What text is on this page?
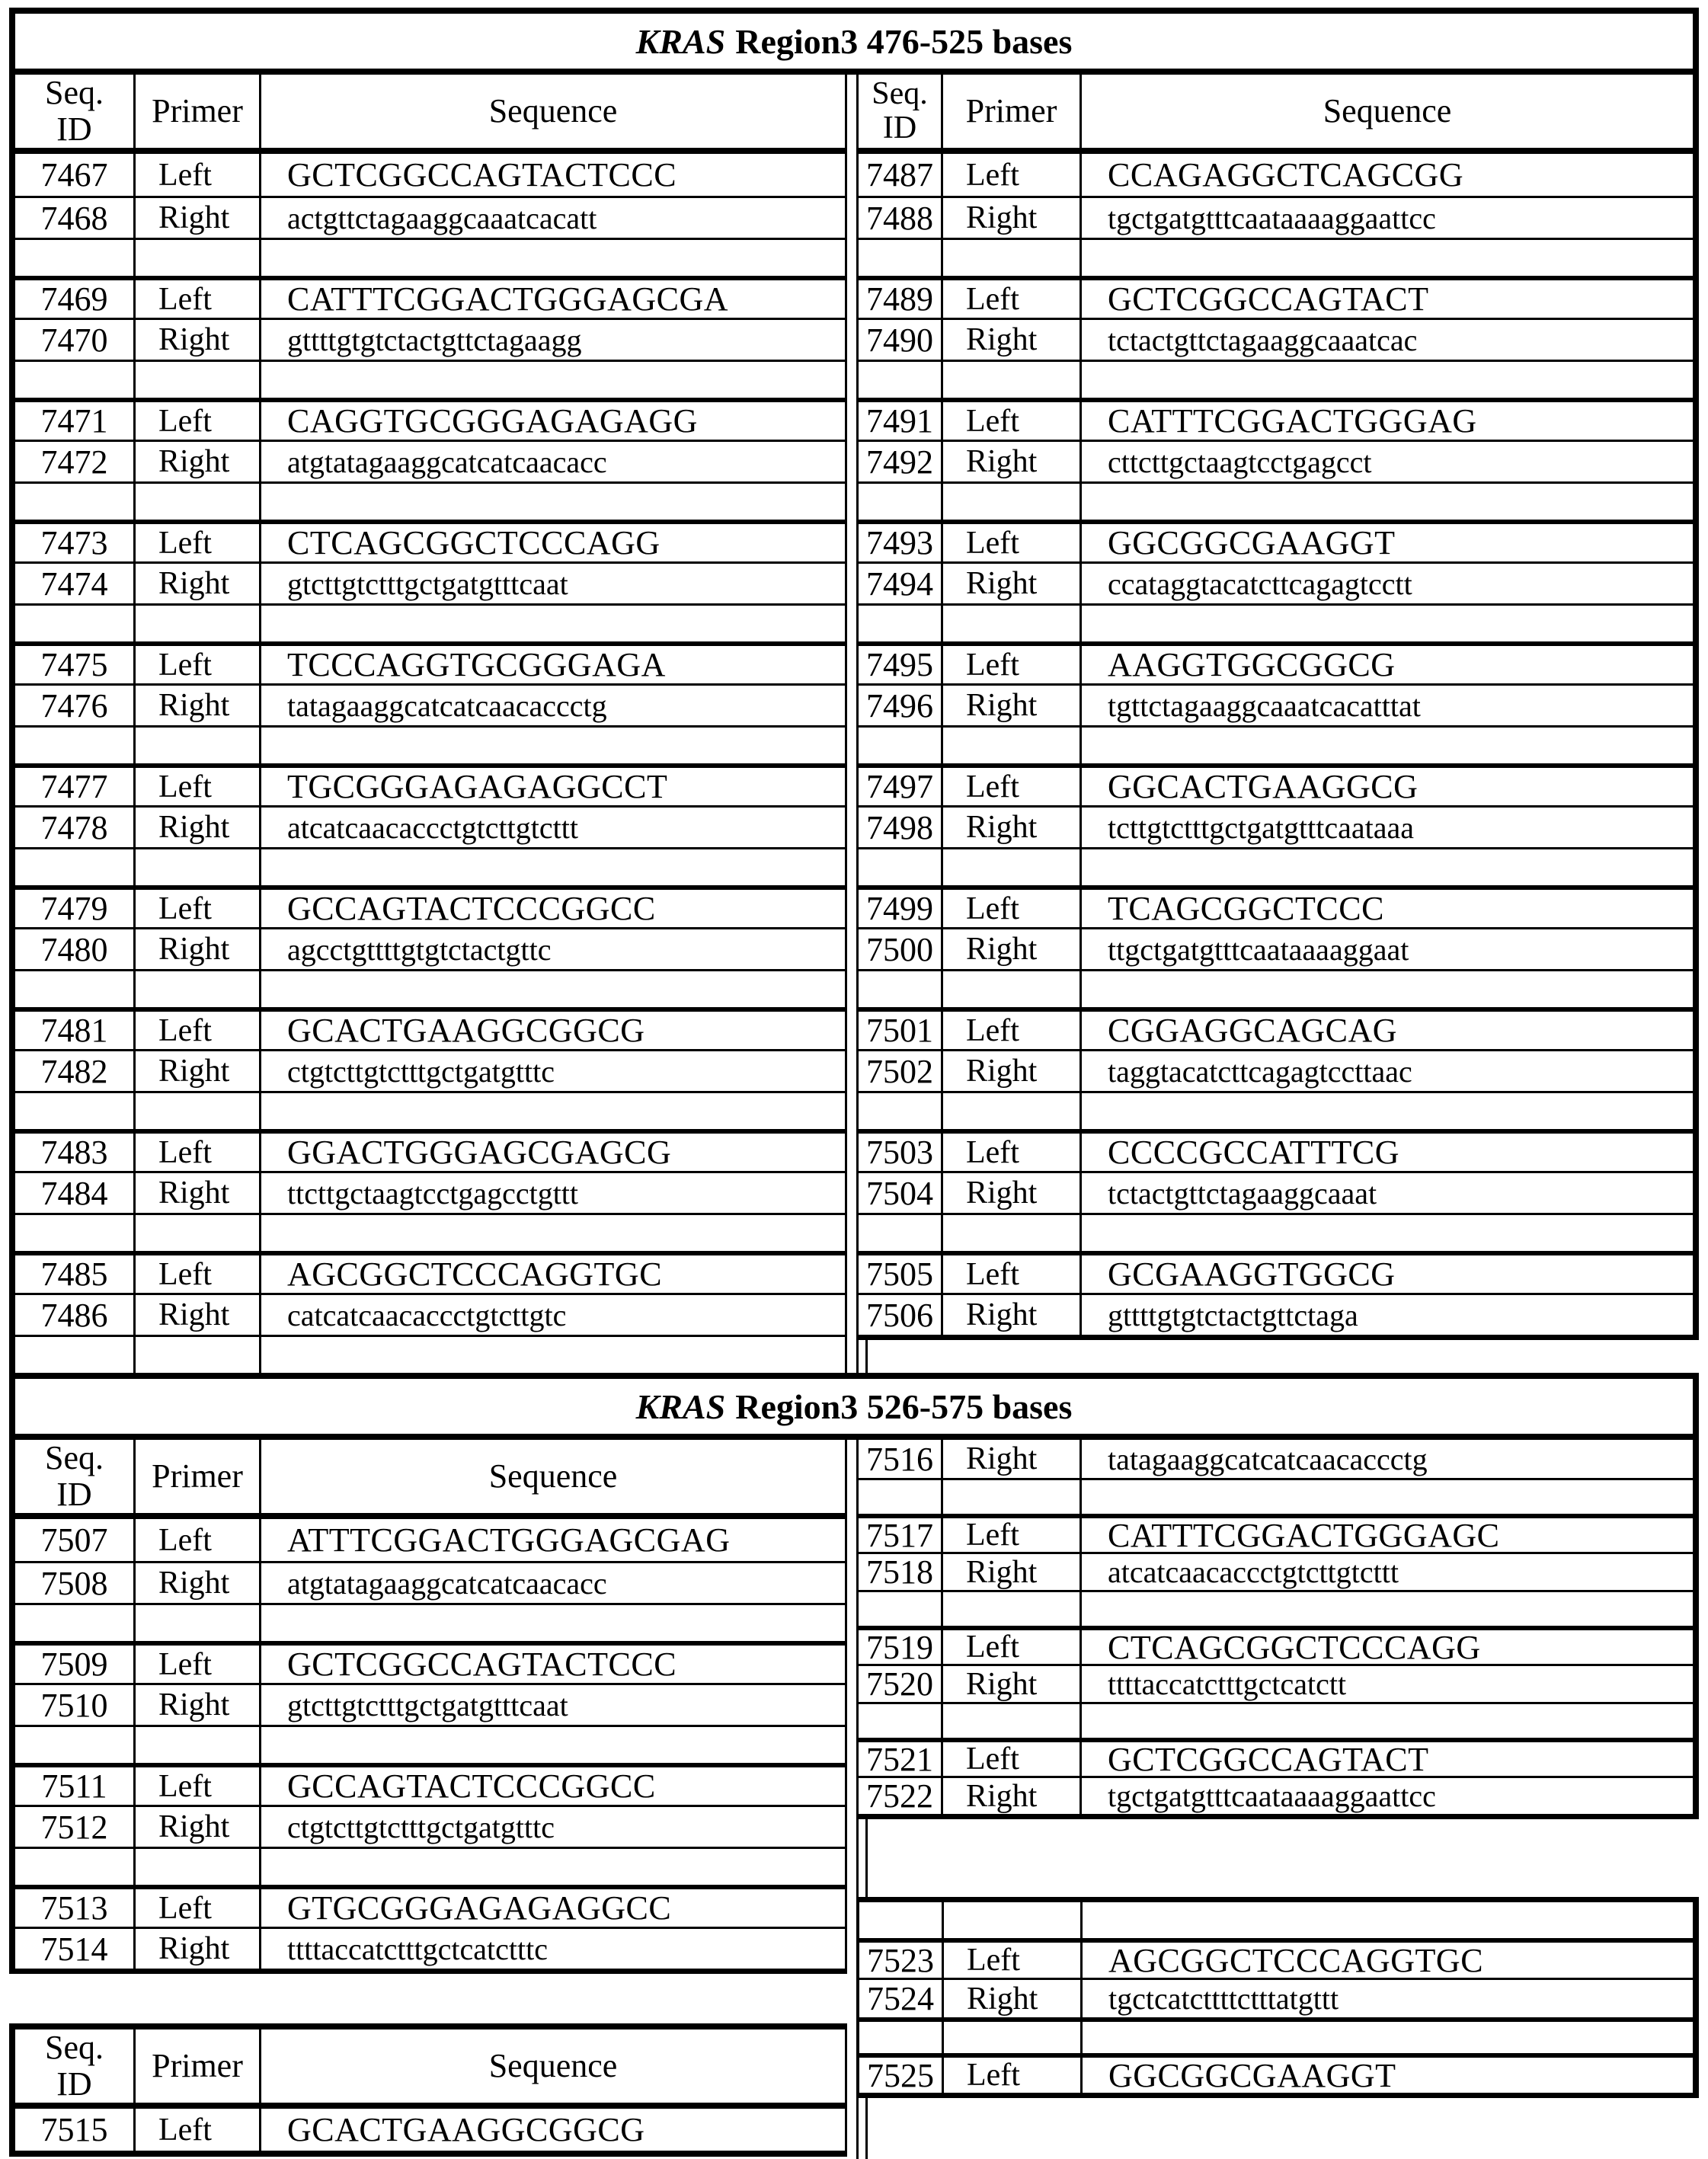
KRAS Region3 476-525 bases
Seq. ID	Primer	Sequence
7467	Left	GCTCGGCCAGTACTCCC
7468	Right	actgttctagaaggcaaatcacatt
7469	Left	CATTTCGGACTGGGAGCGA
7470	Right	gttttgtgtctactgttctagaagg
7471	Left	CAGGTGCGGGAGAGAGG
7472	Right	atgtatagaaggcatcatcaacacc
7473	Left	CTCAGCGGCTCCCAGG
7474	Right	gtcttgtctttgctgatgtttcaat
7475	Left	TCCCAGGTGCGGGAGA
7476	Right	tatagaaggcatcatcaacaccctg
7477	Left	TGCGGGAGAGAGGCCT
7478	Right	atcatcaacaccctgtcttgtcttt
7479	Left	GCCAGTACTCCCGGCC
7480	Right	agcctgttttgtgtctactgttc
7481	Left	GCACTGAAGGCGGCG
7482	Right	ctgtcttgtctttgctgatgtttc
7483	Left	GGACTGGGAGCGAGCG
7484	Right	ttcttgctaagtcctgagcctgttt
7485	Left	AGCGGCTCCCAGGTGC
7486	Right	catcatcaacaccctgtcttgtc
Seq. ID	Primer	Sequence
7487	Left	CCAGAGGCTCAGCGG
7488	Right	tgctgatgtttcaataaaaggaattcc
7489	Left	GCTCGGCCAGTACT
7490	Right	tctactgttctagaaggcaaatcac
7491	Left	CATTTCGGACTGGGAG
7492	Right	cttcttgctaagtcctgagcct
7493	Left	GGCGGCGAAGGT
7494	Right	ccataggtacatcttcagagtcctt
7495	Left	AAGGTGGCGGCG
7496	Right	tgttctagaaggcaaatcacatttat
7497	Left	GGCACTGAAGGCG
7498	Right	tcttgtctttgctgatgtttcaataaa
7499	Left	TCAGCGGCTCCC
7500	Right	ttgctgatgtttcaataaaaggaat
7501	Left	CGGAGGCAGCAG
7502	Right	taggtacatcttcagagtccttaac
7503	Left	CCCCGCCATTTCG
7504	Right	tctactgttctagaaggcaaat
7505	Left	GCGAAGGTGGCG
7506	Right	gttttgtgtctactgttctaga
KRAS Region3 526-575 bases
Seq. ID	Primer	Sequence
7507	Left	ATTTCGGACTGGGAGCGAG
7508	Right	atgtatagaaggcatcatcaacacc
7509	Left	GCTCGGCCAGTACTCCC
7510	Right	gtcttgtctttgctgatgtttcaat
7511	Left	GCCAGTACTCCCGGCC
7512	Right	ctgtcttgtctttgctgatgtttc
7513	Left	GTGCGGGAGAGAGGCC
7514	Right	ttttaccatctttgctcatctttc
Seq. ID	Primer	Sequence
7515	Left	GCACTGAAGGCGGCG
7516	Right	tatagaaggcatcatcaacaccctg
7517	Left	CATTTCGGACTGGGAGC
7518	Right	atcatcaacaccctgtcttgtcttt
7519	Left	CTCAGCGGCTCCCAGG
7520	Right	ttttaccatctttgctcatctt
7521	Left	GCTCGGCCAGTACT
7522	Right	tgctgatgtttcaataaaaggaattcc
7523	Left	AGCGGCTCCCAGGTGC
7524	Right	tgctcatcttttctttatgttt
7525	Left	GGCGGCGAAGGT
